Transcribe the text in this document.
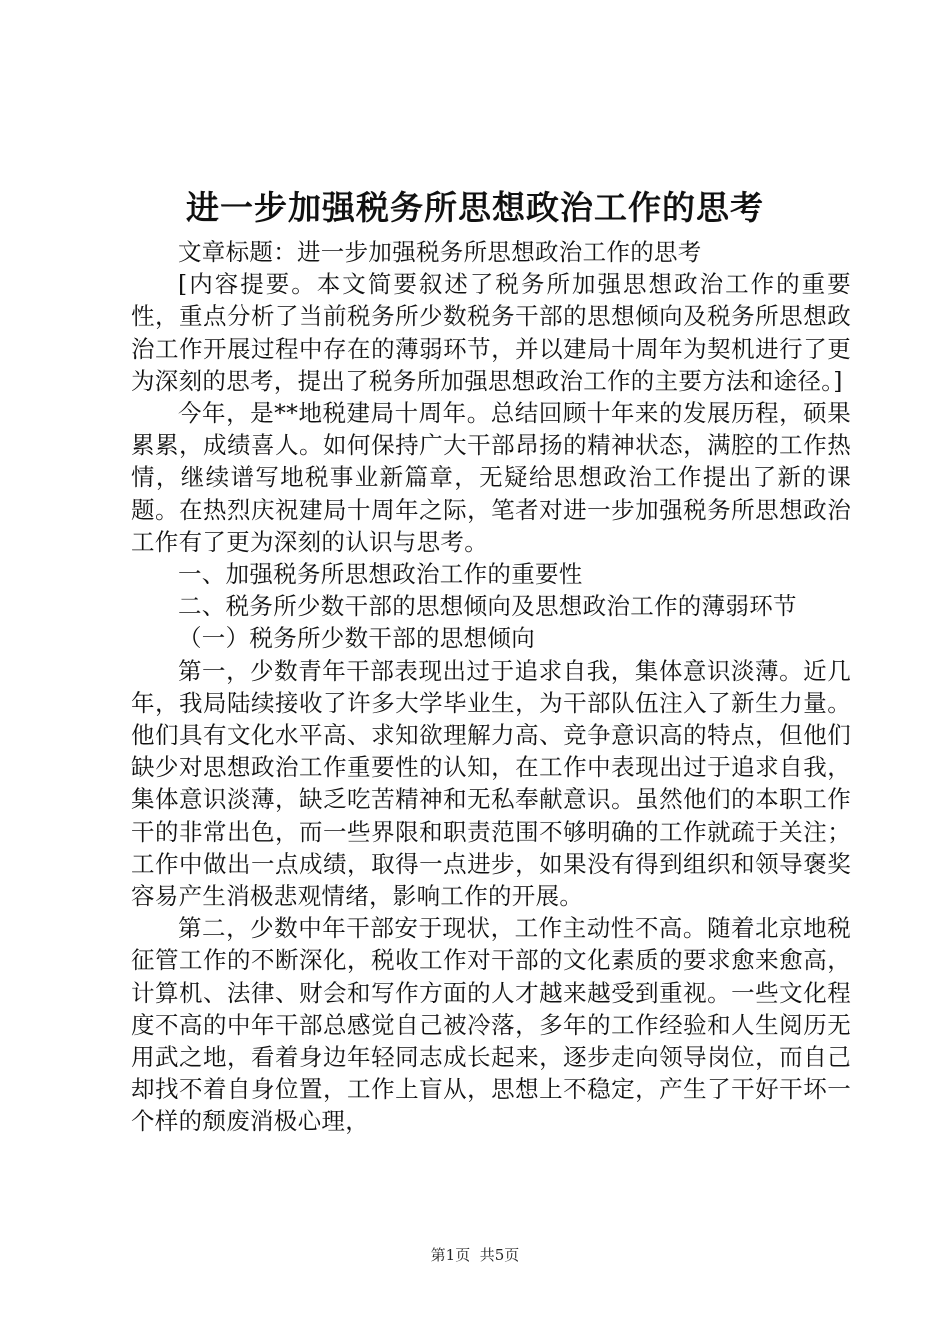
进一步加强税务所思想政治工作的思考

文章标题：进一步加强税务所思想政治工作的思考

[内容提要。本文简要叙述了税务所加强思想政治工作的重要性，重点分析了当前税务所少数税务干部的思想倾向及税务所思想政治工作开展过程中存在的薄弱环节，并以建局十周年为契机进行了更为深刻的思考，提出了税务所加强思想政治工作的主要方法和途径。]

今年，是**地税建局十周年。总结回顾十年来的发展历程，硕果累累，成绩喜人。如何保持广大干部昂扬的精神状态，满腔的工作热情，继续谱写地税事业新篇章，无疑给思想政治工作提出了新的课题。在热烈庆祝建局十周年之际，笔者对进一步加强税务所思想政治工作有了更为深刻的认识与思考。

一、加强税务所思想政治工作的重要性

二、税务所少数干部的思想倾向及思想政治工作的薄弱环节

（一）税务所少数干部的思想倾向

第一，少数青年干部表现出过于追求自我，集体意识淡薄。近几年，我局陆续接收了许多大学毕业生，为干部队伍注入了新生力量。他们具有文化水平高、求知欲理解力高、竞争意识高的特点，但他们缺少对思想政治工作重要性的认知，在工作中表现出过于追求自我，集体意识淡薄，缺乏吃苦精神和无私奉献意识。虽然他们的本职工作干的非常出色，而一些界限和职责范围不够明确的工作就疏于关注；工作中做出一点成绩，取得一点进步，如果没有得到组织和领导褒奖容易产生消极悲观情绪，影响工作的开展。

第二，少数中年干部安于现状，工作主动性不高。随着北京地税征管工作的不断深化，税收工作对干部的文化素质的要求愈来愈高，计算机、法律、财会和写作方面的人才越来越受到重视。一些文化程度不高的中年干部总感觉自己被冷落，多年的工作经验和人生阅历无用武之地，看着身边年轻同志成长起来，逐步走向领导岗位，而自己却找不着自身位置，工作上盲从，思想上不稳定，产生了干好干坏一个样的颓废消极心理，

第1页 共5页
